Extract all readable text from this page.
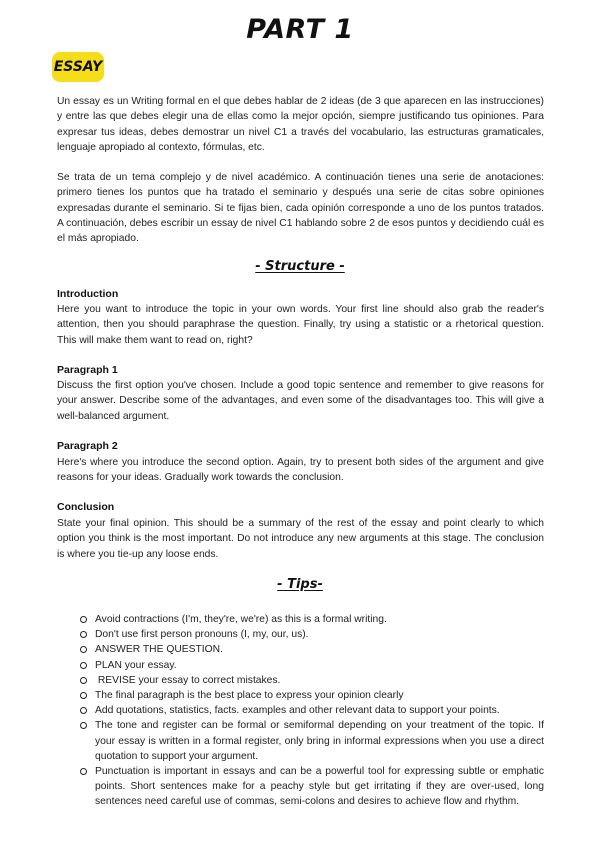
PART 1
ESSAY
Un essay es un Writing formal en el que debes hablar de 2 ideas (de 3 que aparecen en las instrucciones) y entre las que debes elegir una de ellas como la mejor opción, siempre justificando tus opiniones. Para expresar tus ideas, debes demostrar un nivel C1 a través del vocabulario, las estructuras gramaticales, lenguaje apropiado al contexto, fórmulas, etc.
Se trata de un tema complejo y de nivel académico. A continuación tienes una serie de anotaciones: primero tienes los puntos que ha tratado el seminario y después una serie de citas sobre opiniones expresadas durante el seminario. Si te fijas bien, cada opinión corresponde a uno de los puntos tratados. A continuación, debes escribir un essay de nivel C1 hablando sobre 2 de esos puntos y decidiendo cuál es el más apropiado.
- Structure -
Introduction
Here you want to introduce the topic in your own words. Your first line should also grab the reader's attention, then you should paraphrase the question. Finally, try using a statistic or a rhetorical question. This will make them want to read on, right?
Paragraph 1
Discuss the first option you've chosen. Include a good topic sentence and remember to give reasons for your answer. Describe some of the advantages, and even some of the disadvantages too. This will give a well-balanced argument.
Paragraph 2
Here's where you introduce the second option. Again, try to present both sides of the argument and give reasons for your ideas. Gradually work towards the conclusion.
Conclusion
State your final opinion. This should be a summary of the rest of the essay and point clearly to which option you think is the most important. Do not introduce any new arguments at this stage. The conclusion is where you tie-up any loose ends.
- Tips-
Avoid contractions (I'm, they're, we're) as this is a formal writing.
Don't use first person pronouns (I, my, our, us).
ANSWER THE QUESTION.
PLAN your essay.
REVISE your essay to correct mistakes.
The final paragraph is the best place to express your opinion clearly
Add quotations, statistics, facts. examples and other relevant data to support your points.
The tone and register can be formal or semiformal depending on your treatment of the topic. If your essay is written in a formal register, only bring in informal expressions when you use a direct quotation to support your argument.
Punctuation is important in essays and can be a powerful tool for expressing subtle or emphatic points. Short sentences make for a peachy style but get irritating if they are over-used, long sentences need careful use of commas, semi-colons and desires to achieve flow and rhythm.
